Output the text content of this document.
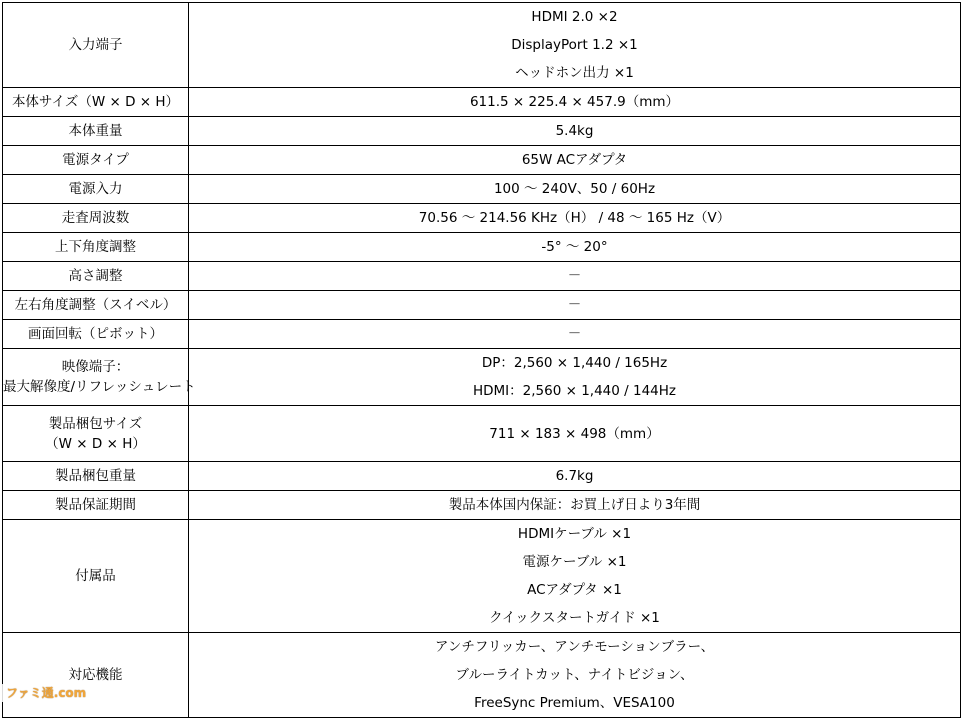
入力端子	HDMI 2.0 ×2
DisplayPort 1.2 ×1
ヘッドホン出力 ×1

本体サイズ（W × D × H）	611.5 × 225.4 × 457.9（mm）

本体重量	5.4kg

電源タイプ	65W ACアダプタ

電源入力	100 ～ 240V、50 / 60Hz

走査周波数	70.56 ～ 214.56 KHz（H） / 48 ～ 165 Hz（V）

上下角度調整	-5° ～ 20°

高さ調整	－

左右角度調整（スイベル）	－

画面回転（ピボット）	－

映像端子：
最大解像度/リフレッシュレート	DP：2,560 × 1,440 / 165Hz
HDMI：2,560 × 1,440 / 144Hz

製品梱包サイズ
（W × D × H）	711 × 183 × 498（mm）

製品梱包重量	6.7kg

製品保証期間	製品本体国内保証：お買上げ日より3年間

付属品	HDMIケーブル ×1
電源ケーブル ×1
ACアダプタ ×1
クイックスタートガイド ×1

対応機能	アンチフリッカー、アンチモーションブラー、
ブルーライトカット、ナイトビジョン、
FreeSync Premium、VESA100
ファミ通.com
